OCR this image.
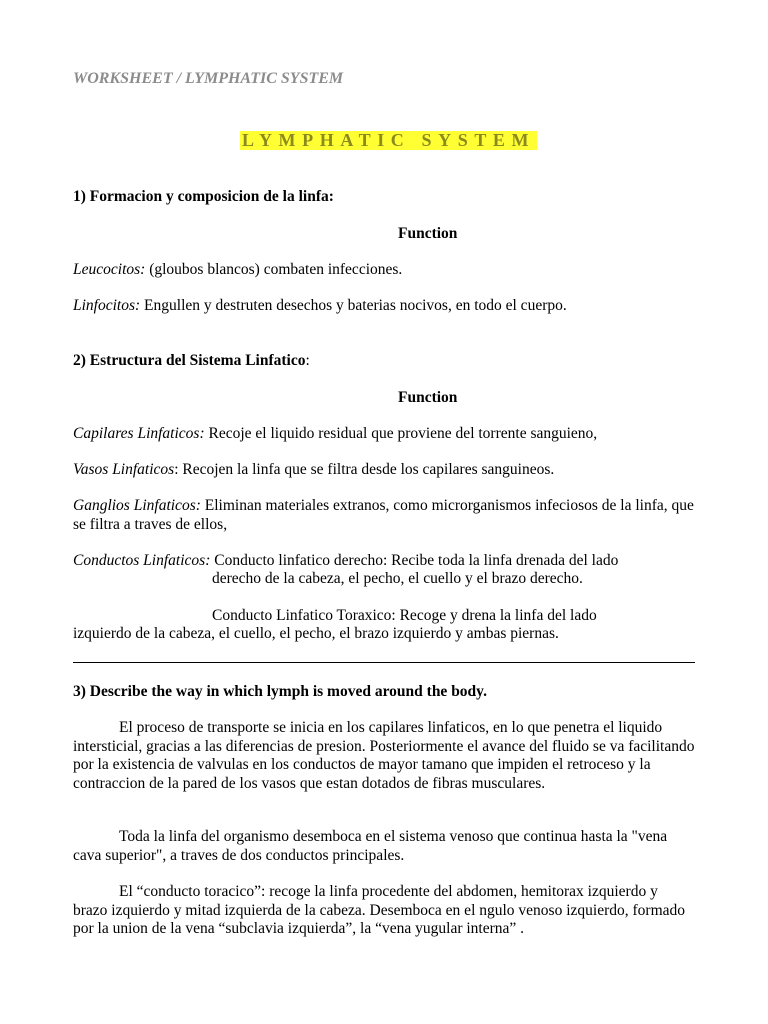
WORKSHEET / LYMPHATIC SYSTEM
LYMPHATIC SYSTEM
1) Formacion y composicion de la linfa:
Function
Leucocitos: (gloubos blancos) combaten infecciones.
Linfocitos: Engullen y destruten desechos y baterias nocivos, en todo el cuerpo.
2) Estructura del Sistema Linfatico:
Function
Capilares Linfaticos: Recoje el liquido residual que proviene del torrente sanguieno,
Vasos Linfaticos: Recojen la linfa que se filtra desde los capilares sanguineos.
Ganglios Linfaticos: Eliminan materiales extranos, como microrganismos infeciosos de la linfa, que se filtra a traves de ellos,
Conductos Linfaticos: Conducto linfatico derecho: Recibe toda la linfa drenada del lado
derecho de la cabeza, el pecho, el cuello y el brazo derecho.
Conducto Linfatico Toraxico: Recoge y drena la linfa del lado
izquierdo de la cabeza, el cuello, el pecho, el brazo izquierdo y ambas piernas.
3) Describe the way in which lymph is moved around the body.
El proceso de transporte se inicia en los capilares linfaticos, en lo que penetra el liquido intersticial, gracias a las diferencias de presion. Posteriormente el avance del fluido se va facilitando por la existencia de valvulas en los conductos de mayor tamano que impiden el retroceso y la contraccion de la pared de los vasos que estan dotados de fibras musculares.
Toda la linfa del organismo desemboca en el sistema venoso que continua hasta la "vena cava superior", a traves de dos conductos principales.
El “conducto toracico”: recoge la linfa procedente del abdomen, hemitorax izquierdo y brazo izquierdo y mitad izquierda de la cabeza. Desemboca en el ngulo venoso izquierdo, formado por la union de la vena “subclavia izquierda”, la “vena yugular interna” .
